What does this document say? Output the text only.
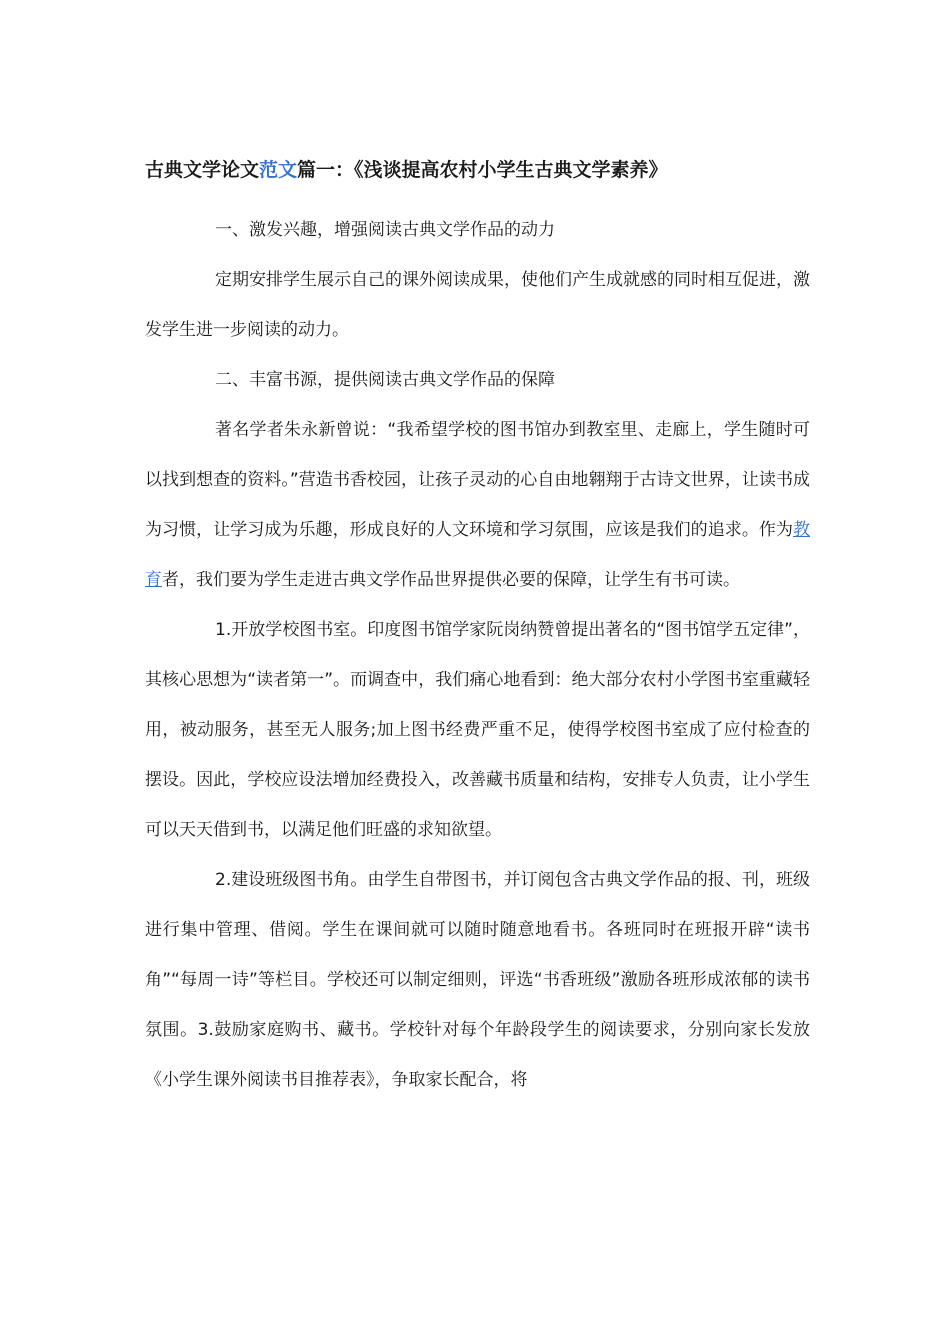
古典文学论文范文篇一：《浅谈提高农村小学生古典文学素养》

一、激发兴趣，增强阅读古典文学作品的动力

定期安排学生展示自己的课外阅读成果，使他们产生成就感的同时相互促进，激发学生进一步阅读的动力。

二、丰富书源，提供阅读古典文学作品的保障

著名学者朱永新曾说：“我希望学校的图书馆办到教室里、走廊上，学生随时可以找到想查的资料。”营造书香校园，让孩子灵动的心自由地翱翔于古诗文世界，让读书成为习惯，让学习成为乐趣，形成良好的人文环境和学习氛围，应该是我们的追求。作为教育者，我们要为学生走进古典文学作品世界提供必要的保障，让学生有书可读。

1.开放学校图书室。印度图书馆学家阮岗纳赞曾提出著名的“图书馆学五定律”，其核心思想为“读者第一”。而调查中，我们痛心地看到：绝大部分农村小学图书室重藏轻用，被动服务，甚至无人服务;加上图书经费严重不足，使得学校图书室成了应付检查的摆设。因此，学校应设法增加经费投入，改善藏书质量和结构，安排专人负责，让小学生可以天天借到书，以满足他们旺盛的求知欲望。

2.建设班级图书角。由学生自带图书，并订阅包含古典文学作品的报、刊，班级进行集中管理、借阅。学生在课间就可以随时随意地看书。各班同时在班报开辟“读书角”“每周一诗”等栏目。学校还可以制定细则，评选“书香班级”激励各班形成浓郁的读书氛围。3.鼓励家庭购书、藏书。学校针对每个年龄段学生的阅读要求，分别向家长发放《小学生课外阅读书目推荐表》，争取家长配合，将
